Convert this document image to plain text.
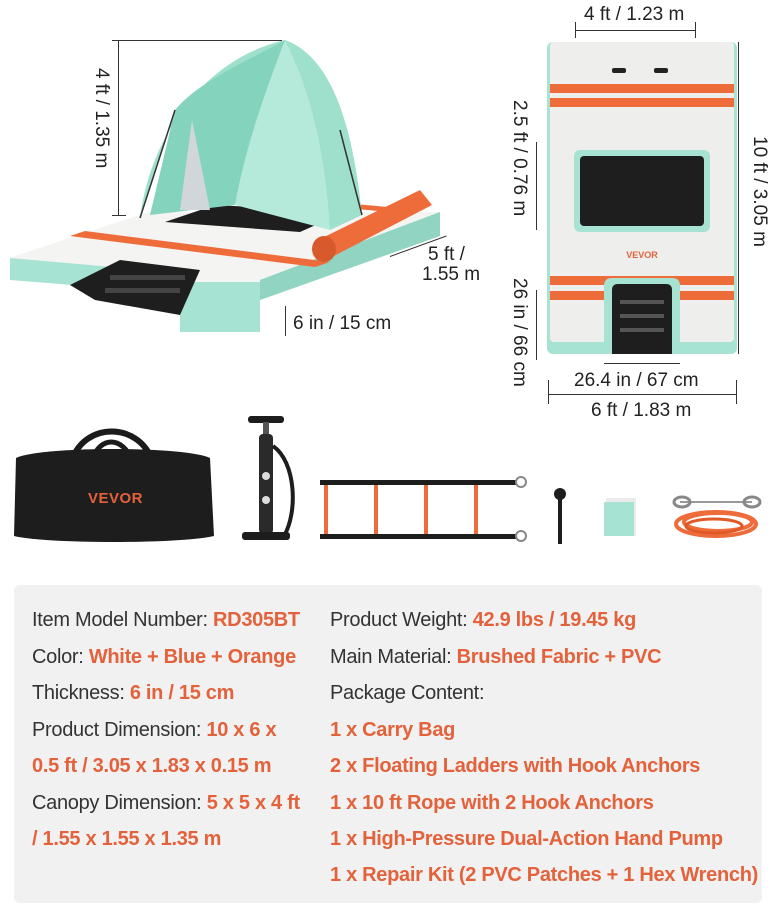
4 ft / 1.35 m
5 ft /
1.55 m
6 in / 15 cm
VEVOR
4 ft / 1.23 m
10 ft / 3.05 m
2.5 ft / 0.76 m
26 in / 66 cm 26.4 in / 67 cm
6 ft / 1.83 m
VEVOR
Item Model Number: RD305BT
Color: White + Blue + Orange
Thickness: 6 in / 15 cm
Product Dimension: 10 x 6 x
0.5 ft / 3.05 x 1.83 x 0.15 m
Canopy Dimension: 5 x 5 x 4 ft
/ 1.55 x 1.55 x 1.35 m
Product Weight: 42.9 lbs / 19.45 kg
Main Material: Brushed Fabric + PVC
Package Content:
1 x Carry Bag
2 x Floating Ladders with Hook Anchors
1 x 10 ft Rope with 2 Hook Anchors
1 x High-Pressure Dual-Action Hand Pump
1 x Repair Kit (2 PVC Patches + 1 Hex Wrench)
